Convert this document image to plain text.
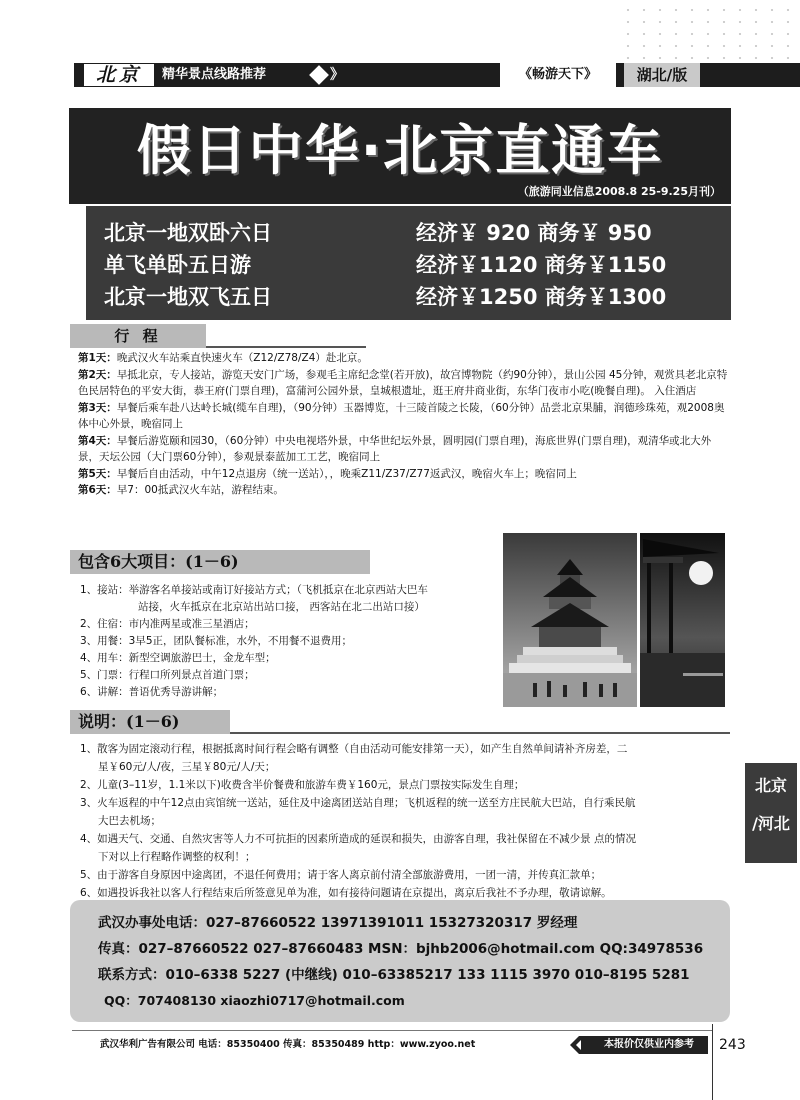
北京	精华景点线路推荐	》	《畅游天下》	湖北/版
假日中华·北京直通车
（旅游同业信息2008.8 25-9.25月刊）
北京一地双卧六日	经济￥ 920 商务￥ 950
单飞单卧五日游	经济￥1120 商务￥1150
北京一地双飞五日	经济￥1250 商务￥1300
行 程
第1天：晚武汉火车站乘直快速火车（Z12/Z78/Z4）赴北京。
第2天：早抵北京，专人接站，游览天安门广场，参观毛主席纪念堂(若开放)，故宫博物院（约90分钟），景山公园 45分钟，观赏具老北京特色民居特色的平安大街，恭王府(门票自理)，富蒲河公园外景，皇城根遗址，逛王府井商业街，东华门夜市小吃(晚餐自理)。 入住酒店
第3天：早餐后乘车赴八达岭长城(缆车自理)，（90分钟）玉器博览，十三陵首陵之长陵，（60分钟）品尝北京果脯，润德珍珠苑，观2008奥体中心外景，晚宿同上
第4天：早餐后游览颐和园30，（60分钟）中央电视塔外景，中华世纪坛外景，圆明园(门票自理)，海底世界(门票自理)，观清华或北大外景，天坛公园（大门票60分钟），参观景泰蓝加工工艺，晚宿同上
第5天：早餐后自由活动，中午12点退房（统一送站），，晚乘Z11/Z37/Z77返武汉，晚宿火车上；晚宿同上
第6天：早7：00抵武汉火车站，游程结束。
包含6大项目：(1－6)
1、接站：举游客名单接站或南订好接站方式；（飞机抵京在北京西站大巴车
站接，火车抵京在北京站出站口接， 西客站在北二出站口接）
2、住宿：市内准两星或准三星酒店；
3、用餐：3早5正，团队餐标准，水外，不用餐不退费用；
4、用车：新型空调旅游巴士，金龙车型；
5、门票：行程口所列景点首道门票；
6、讲解：普语优秀导游讲解；
说明：(1－6)
1、散客为固定滚动行程，根据抵离时间行程会略有调整（自由活动可能安排第一天），如产生自然单间请补齐房差，二
星￥60元/人/夜，三星￥80元/人/天；
2、儿童(3–11岁，1.1米以下)收费含半价餐费和旅游车费￥160元，景点门票按实际发生自理；
3、火车返程的中午12点由宾馆统一送站，延住及中途离团送站自理；飞机返程的统一送至方庄民航大巴站，自行乘民航
大巴去机场；
4、如遇天气、交通、自然灾害等人力不可抗拒的因素所造成的延误和损失，由游客自理，我社保留在不减少景 点的情况
下对以上行程略作调整的权利！；
5、由于游客自身原因中途离团，不退任何费用；请于客人离京前付清全部旅游费用，一团一清，并传真汇款单；
6、如遇投诉我社以客人行程结束后所签意见单为准，如有接待问题请在京提出，离京后我社不予办理，敬请谅解。
北京
/河北
武汉办事处电话：027–87660522 13971391011 15327320317 罗经理
传真：027–87660522 027–87660483 MSN：bjhb2006@hotmail.com QQ:34978536
联系方式：010–6338 5227 (中继线) 010–63385217 133 1115 3970 010–8195 5281
QQ：707408130 xiaozhi0717@hotmail.com
武汉华利广告有限公司 电话：85350400 传真：85350489 http：www.zyoo.net	本报价仅供业内参考	243
